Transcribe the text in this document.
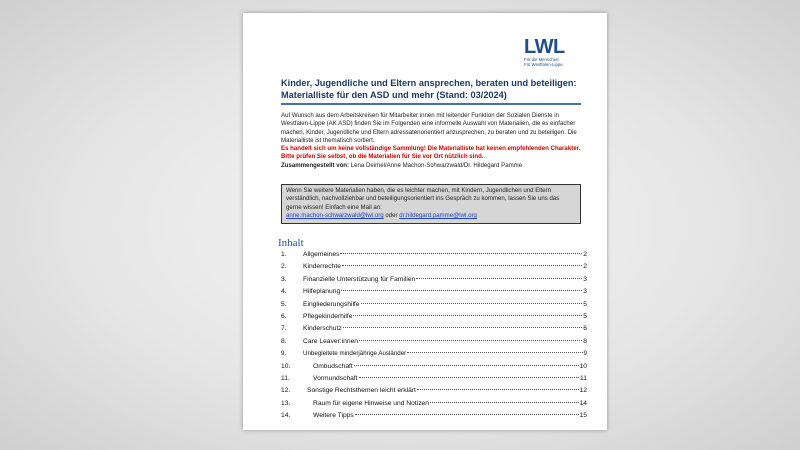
LWL
Für die Menschen.
Für Westfalen-Lippe.
Kinder, Jugendliche und Eltern ansprechen, beraten und beteiligen:
Materialliste für den ASD und mehr (Stand: 03/2024)
Auf Wunsch aus dem Arbeitskreisen für Mitarbeiter:innen mit leitender Funktion der Sozialen Dienste in Westfalen-Lippe (AK ASD) finden Sie im Folgenden eine informelle Auswahl von Materialien, die es einfacher machen, Kinder, Jugendliche und Eltern adressatenorientiert anzusprechen, zu beraten und zu beteiligen. Die Materialliste ist thematisch sortiert.
Es handelt sich um keine vollständige Sammlung! Die Materialliste hat keinen empfehlenden Charakter. Bitte prüfen Sie selbst, ob die Materialien für Sie vor Ort nützlich sind.
Zusammengestellt von: Lena Deimel/Anne Machon-Schwarzwald/Dr. Hildegard Pamme
Wenn Sie weitere Materialien haben, die es leichter machen, mit Kindern, Jugendlichen und Eltern verständlich, nachvollziehbar und beteiligungsorientiert ins Gespräch zu kommen, lassen Sie uns das gerne wissen! Einfach eine Mail an:
anne.machon-schwarzwald@lwl.org oder dr.hildegard.pamme@lwl.org
Inhalt
1.	Allgemeines	2
2.	Kinderrechte	2
3.	Finanzielle Unterstützung für Familien	3
4.	Hilfeplanung	3
5.	Eingliederungshilfe	5
6.	Pflegekinderhilfe	5
7.	Kinderschutz	6
8.	Care Leaver:innen	8
9.	Unbegleitete minderjährige Ausländer	9
10.	Ombudschaft	10
11.	Vormundschaft	11
12.	Sonstige Rechtsthemen leicht erklärt	12
13.	Raum für eigene Hinweise und Notizen	14
14.	Weitere Tipps	15
